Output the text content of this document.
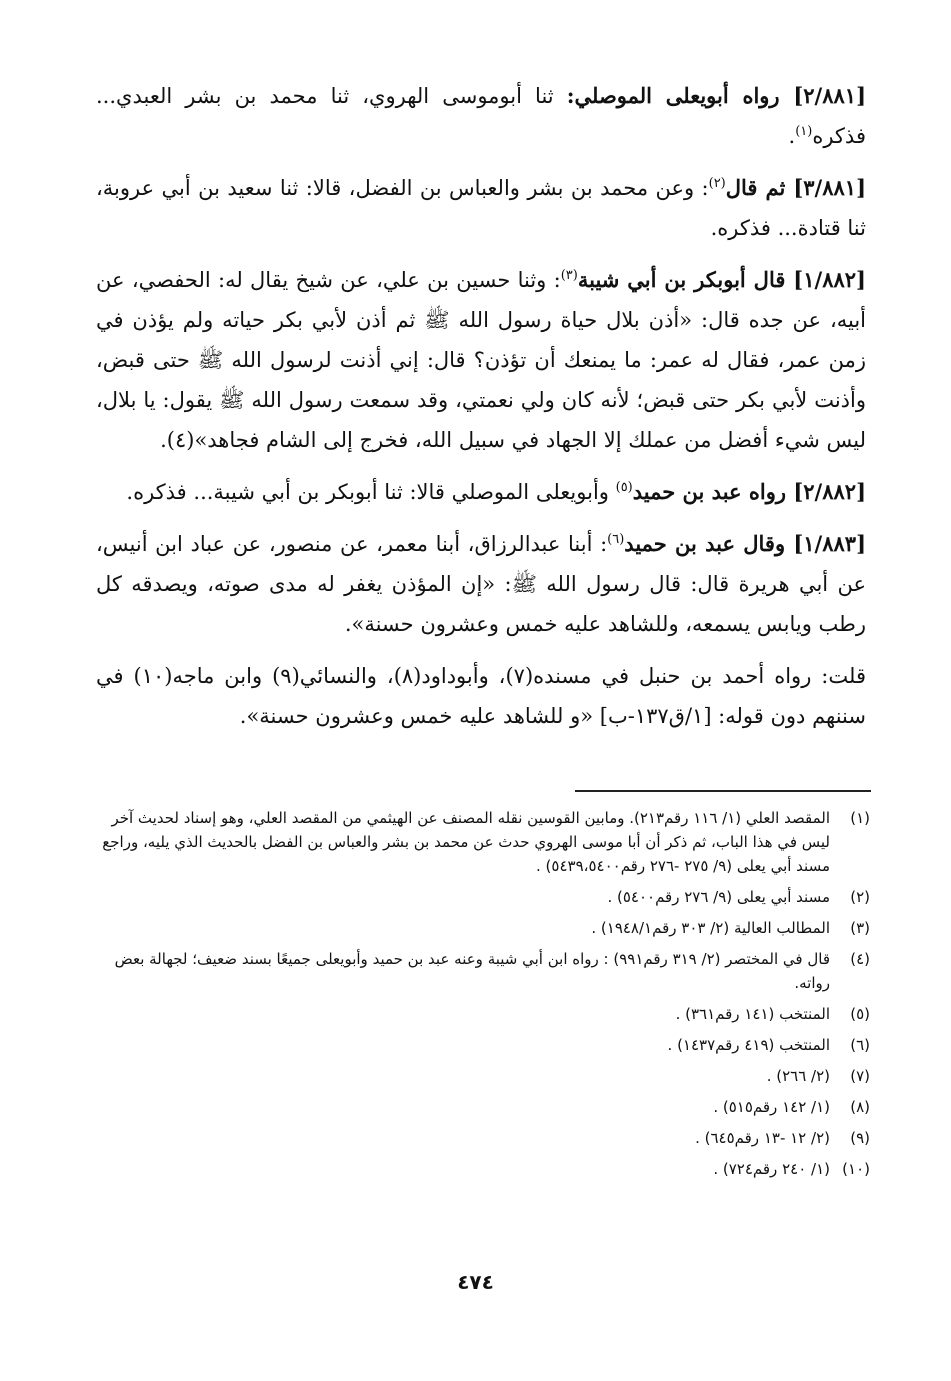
[٢/٨٨١] رواه أبويعلى الموصلي: ثنا أبوموسى الهروي، ثنا محمد بن بشر العبدي... فذكره$^{(١)}$.

[٣/٨٨١] ثم قال$^{(٢)}$: وعن محمد بن بشر والعباس بن الفضل، قالا: ثنا سعيد بن أبي عروبة، ثنا قتادة... فذكره.

[١/٨٨٢] قال أبوبكر بن أبي شيبة$^{(٣)}$: وثنا حسين بن علي، عن شيخ يقال له: الحفصي، عن أبيه، عن جده قال: «أذن بلال حياة رسول الله ﷺ ثم أذن لأبي بكر حياته ولم يؤذن في زمن عمر، فقال له عمر: ما يمنعك أن تؤذن؟ قال: إني أذنت لرسول الله ﷺ حتى قبض، وأذنت لأبي بكر حتى قبض؛ لأنه كان ولي نعمتي، وقد سمعت رسول الله ﷺ يقول: يا بلال، ليس شيء أفضل من عملك إلا الجهاد في سبيل الله، فخرج إلى الشام فجاهد»(٤).

[٢/٨٨٢] رواه عبد بن حميد$^{(٥)}$ وأبويعلى الموصلي قالا: ثنا أبوبكر بن أبي شيبة... فذكره.

[١/٨٨٣] وقال عبد بن حميد$^{(٦)}$: أبنا عبدالرزاق، أبنا معمر، عن منصور، عن عباد ابن أنيس، عن أبي هريرة قال: قال رسول الله ﷺ: «إن المؤذن يغفر له مدى صوته، ويصدقه كل رطب ويابس يسمعه، وللشاهد عليه خمس وعشرون حسنة».

قلت: رواه أحمد بن حنبل في مسنده(٧)، وأبوداود(٨)، والنسائي(٩) وابن ماجه(١٠) في سننهم دون قوله: [١/ق١٣٧-ب] «و للشاهد عليه خمس وعشرون حسنة».

(١)
المقصد العلي (١/ ١١٦ رقم٢١٣). ومابين القوسين نقله المصنف عن الهيثمي من المقصد العلي، وهو إسناد لحديث آخر ليس في هذا الباب، ثم ذكر أن أبا موسى الهروي حدث عن محمد بن بشر والعباس بن الفضل بالحديث الذي يليه، وراجع مسند أبي يعلى (٩/ ٢٧٥ -٢٧٦ رقم٥٤٣٩،٥٤٠٠) .
(٢)
مسند أبي يعلى (٩/ ٢٧٦ رقم٥٤٠٠) .
(٣)
المطالب العالية (٢/ ٣٠٣ رقم١٩٤٨/١) .
(٤)
قال في المختصر (٢/ ٣١٩ رقم٩٩١) : رواه ابن أبي شيبة وعنه عبد بن حميد وأبويعلى جميعًا بسند ضعيف؛ لجهالة بعض رواته.
(٥)
المنتخب (١٤١ رقم٣٦١) .
(٦)
المنتخب (٤١٩ رقم١٤٣٧) .
(٧)
(٢/ ٢٦٦) .
(٨)
(١/ ١٤٢ رقم٥١٥) .
(٩)
(٢/ ١٢ -١٣ رقم٦٤٥) .
(١٠)
(١/ ٢٤٠ رقم٧٢٤) .
٤٧٤
